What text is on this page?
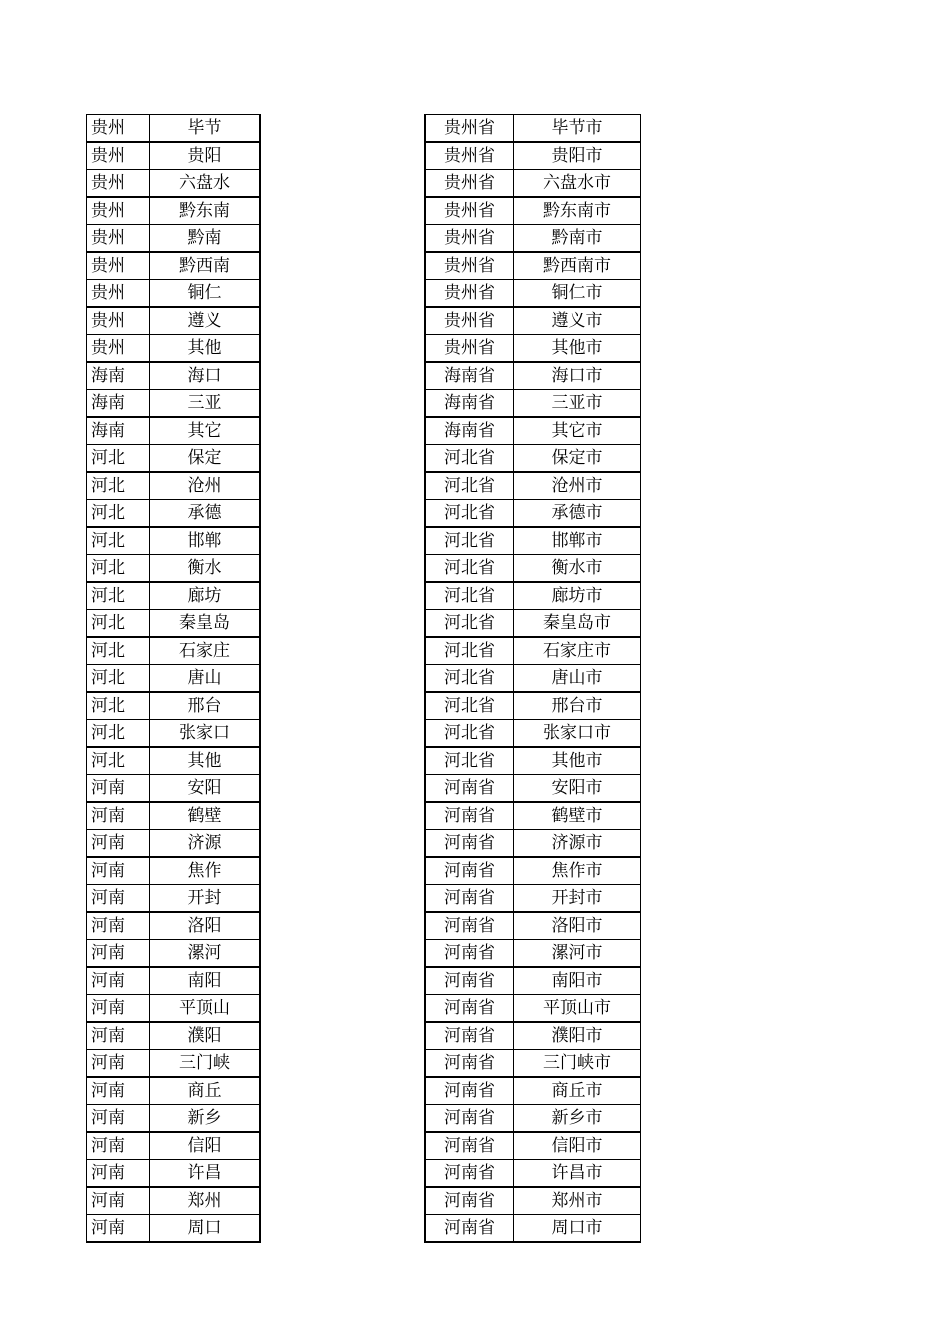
贵州	毕节
贵州	贵阳
贵州	六盘水
贵州	黔东南
贵州	黔南
贵州	黔西南
贵州	铜仁
贵州	遵义
贵州	其他
海南	海口
海南	三亚
海南	其它
河北	保定
河北	沧州
河北	承德
河北	邯郸
河北	衡水
河北	廊坊
河北	秦皇岛
河北	石家庄
河北	唐山
河北	邢台
河北	张家口
河北	其他
河南	安阳
河南	鹤壁
河南	济源
河南	焦作
河南	开封
河南	洛阳
河南	漯河
河南	南阳
河南	平顶山
河南	濮阳
河南	三门峡
河南	商丘
河南	新乡
河南	信阳
河南	许昌
河南	郑州
河南	周口
贵州省	毕节市
贵州省	贵阳市
贵州省	六盘水市
贵州省	黔东南市
贵州省	黔南市
贵州省	黔西南市
贵州省	铜仁市
贵州省	遵义市
贵州省	其他市
海南省	海口市
海南省	三亚市
海南省	其它市
河北省	保定市
河北省	沧州市
河北省	承德市
河北省	邯郸市
河北省	衡水市
河北省	廊坊市
河北省	秦皇岛市
河北省	石家庄市
河北省	唐山市
河北省	邢台市
河北省	张家口市
河北省	其他市
河南省	安阳市
河南省	鹤壁市
河南省	济源市
河南省	焦作市
河南省	开封市
河南省	洛阳市
河南省	漯河市
河南省	南阳市
河南省	平顶山市
河南省	濮阳市
河南省	三门峡市
河南省	商丘市
河南省	新乡市
河南省	信阳市
河南省	许昌市
河南省	郑州市
河南省	周口市
